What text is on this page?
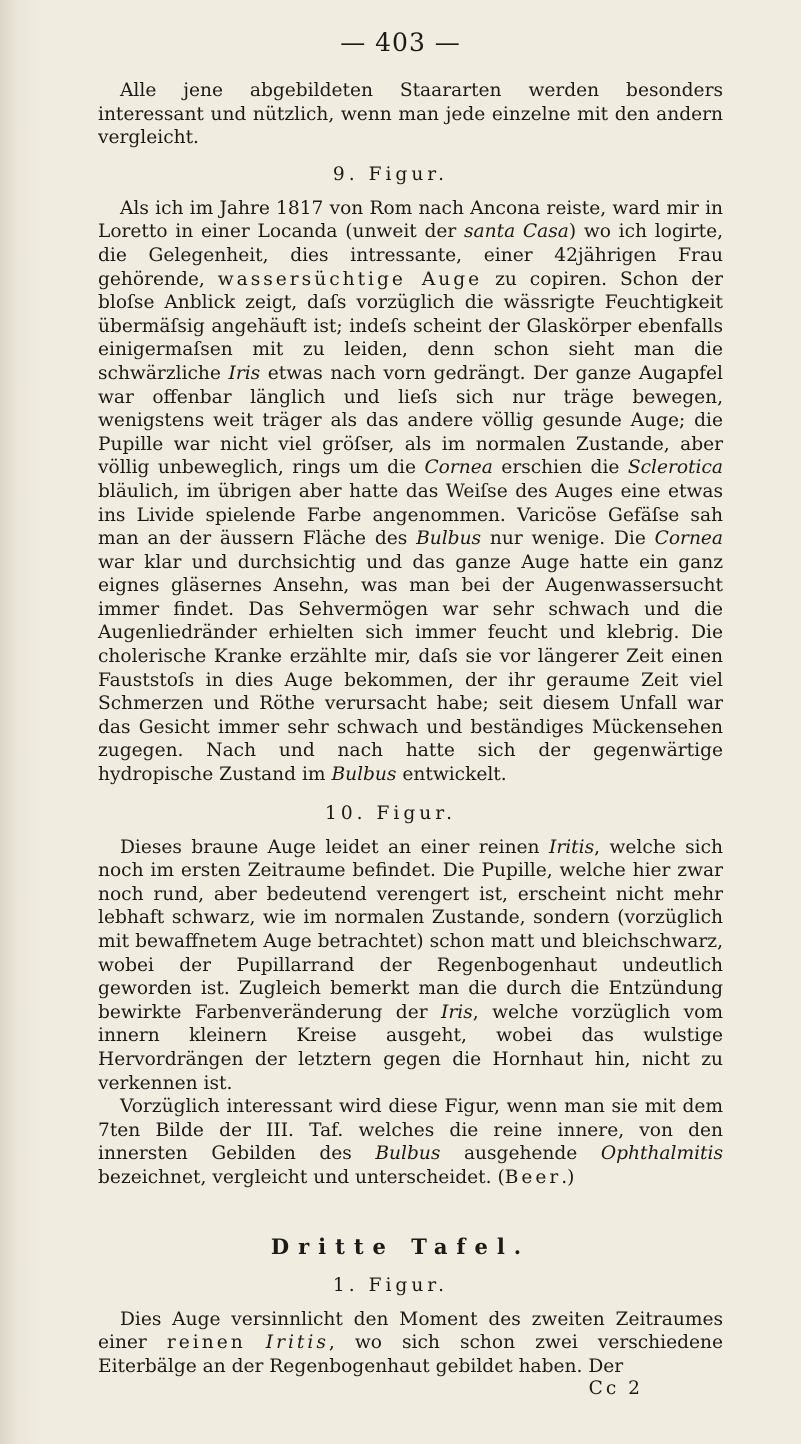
— 403 —

Alle jene abgebildeten Staararten werden besonders interessant und nützlich, wenn man jede einzelne mit den andern vergleicht.

9. Figur.

Als ich im Jahre 1817 von Rom nach Ancona reiste, ward mir in Loretto in einer Locanda (unweit der santa Casa) wo ich logirte, die Gelegenheit, dies intressante, einer 42jährigen Frau gehörende, wassersüchtige Auge zu copiren. Schon der bloſse Anblick zeigt, daſs vorzüglich die wässrigte Feuchtigkeit übermäſsig angehäuft ist; indeſs scheint der Glaskörper ebenfalls einigermaſsen mit zu leiden, denn schon sieht man die schwärzliche Iris etwas nach vorn gedrängt. Der ganze Augapfel war offenbar länglich und lieſs sich nur träge bewegen, wenigstens weit träger als das andere völlig gesunde Auge; die Pupille war nicht viel gröſser, als im normalen Zustande, aber völlig unbeweglich, rings um die Cornea erschien die Sclerotica bläulich, im übrigen aber hatte das Weiſse des Auges eine etwas ins Livide spielende Farbe angenommen. Varicöse Gefäſse sah man an der äussern Fläche des Bulbus nur wenige. Die Cornea war klar und durchsichtig und das ganze Auge hatte ein ganz eignes gläsernes Ansehn, was man bei der Augenwassersucht immer findet. Das Sehvermögen war sehr schwach und die Augenliedränder erhielten sich immer feucht und klebrig. Die cholerische Kranke erzählte mir, daſs sie vor längerer Zeit einen Fauststoſs in dies Auge bekommen, der ihr geraume Zeit viel Schmerzen und Röthe verursacht habe; seit diesem Unfall war das Gesicht immer sehr schwach und beständiges Mückensehen zugegen. Nach und nach hatte sich der gegenwärtige hydropische Zustand im Bulbus entwickelt.

10. Figur.

Dieses braune Auge leidet an einer reinen Iritis, welche sich noch im ersten Zeitraume befindet. Die Pupille, welche hier zwar noch rund, aber bedeutend verengert ist, erscheint nicht mehr lebhaft schwarz, wie im normalen Zustande, sondern (vorzüglich mit bewaffnetem Auge betrachtet) schon matt und bleichschwarz, wobei der Pupillarrand der Regenbogenhaut undeutlich geworden ist. Zugleich bemerkt man die durch die Entzündung bewirkte Farbenveränderung der Iris, welche vorzüglich vom innern kleinern Kreise ausgeht, wobei das wulstige Hervordrängen der letztern gegen die Hornhaut hin, nicht zu verkennen ist.

Vorzüglich interessant wird diese Figur, wenn man sie mit dem 7ten Bilde der III. Taf. welches die reine innere, von den innersten Gebilden des Bulbus ausgehende Ophthalmitis bezeichnet, vergleicht und unterscheidet. (Beer.)

Dritte Tafel.
1. Figur.

Dies Auge versinnlicht den Moment des zweiten Zeitraumes einer reinen Iritis, wo sich schon zwei verschiedene Eiterbälge an der Regenbogenhaut gebildet haben. Der

Cc 2
